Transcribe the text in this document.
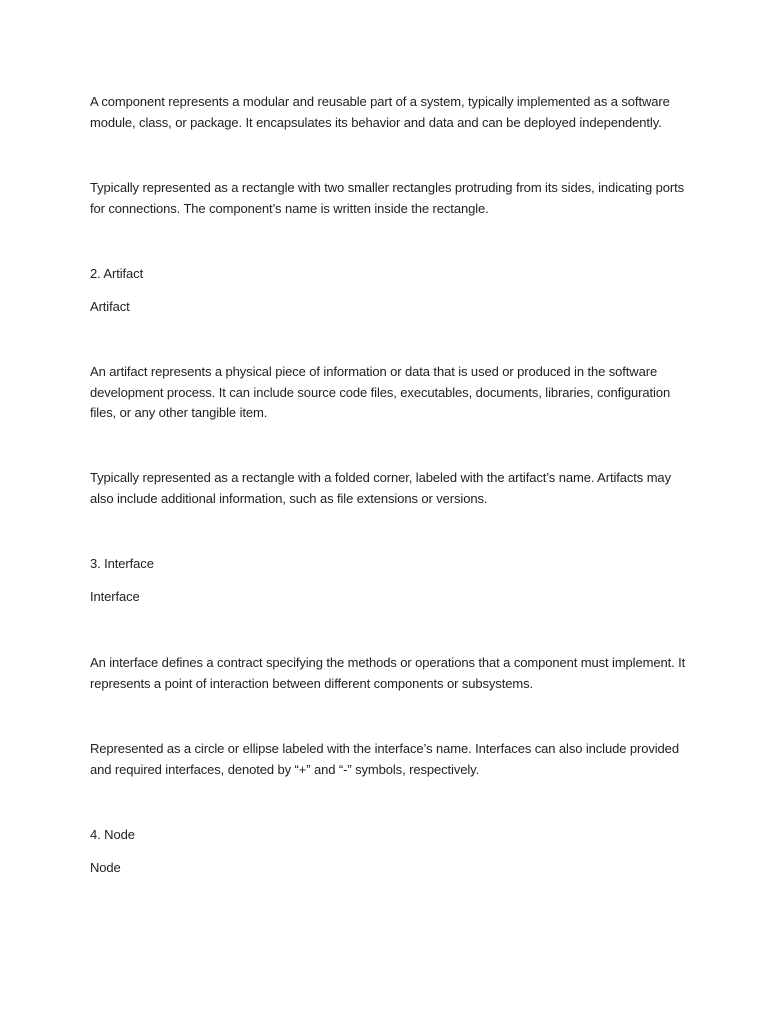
A component represents a modular and reusable part of a system, typically implemented as a software module, class, or package. It encapsulates its behavior and data and can be deployed independently.

Typically represented as a rectangle with two smaller rectangles protruding from its sides, indicating ports for connections. The component’s name is written inside the rectangle.

2. Artifact

Artifact

An artifact represents a physical piece of information or data that is used or produced in the software development process. It can include source code files, executables, documents, libraries, configuration files, or any other tangible item.

Typically represented as a rectangle with a folded corner, labeled with the artifact’s name. Artifacts may also include additional information, such as file extensions or versions.

3. Interface

Interface

An interface defines a contract specifying the methods or operations that a component must implement. It represents a point of interaction between different components or subsystems.

Represented as a circle or ellipse labeled with the interface’s name. Interfaces can also include provided and required interfaces, denoted by “+” and “-” symbols, respectively.

4. Node

Node
